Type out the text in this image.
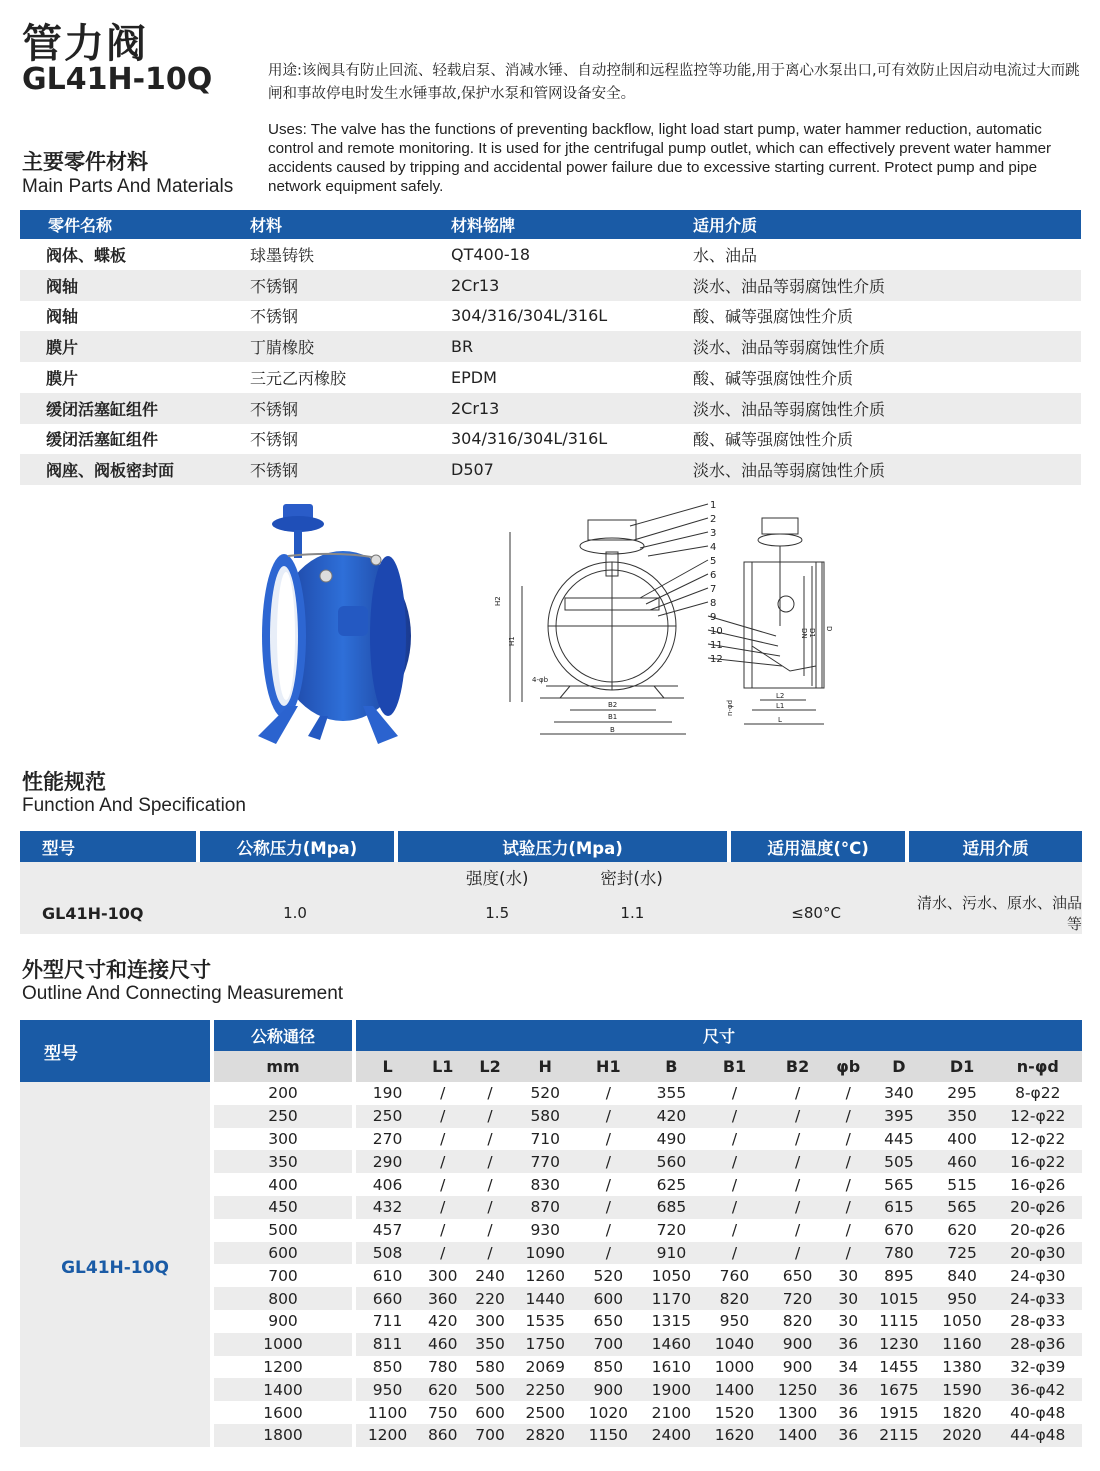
管力阀
GL41H-10Q	用途:该阀具有防止回流、轻载启泵、消减水锤、自动控制和远程监控等功能,用于离心水泵出口,可有效防止因启动电流过大而跳闸和事故停电时发生水锤事故,保护水泵和管网设备安全。
Uses: The valve has the functions of preventing backflow, light load start pump, water hammer reduction, automatic control and remote monitoring. It is used for jthe centrifugal pump outlet, which can effectively prevent water hammer accidents caused by tripping and accidental power failure due to excessive starting current. Protect pump and pipe network equipment safely.
主要零件材料
Main Parts And Materials
零件名称	材料	材料铭牌	适用介质
阀体、蝶板	球墨铸铁	QT400-18	水、油品
阀轴	不锈钢	2Cr13	淡水、油品等弱腐蚀性介质
阀轴	不锈钢	304/316/304L/316L	酸、碱等强腐蚀性介质
膜片	丁腈橡胶	BR	淡水、油品等弱腐蚀性介质
膜片	三元乙丙橡胶	EPDM	酸、碱等强腐蚀性介质
缓闭活塞缸组件	不锈钢	2Cr13	淡水、油品等弱腐蚀性介质
缓闭活塞缸组件	不锈钢	304/316/304L/316L	酸、碱等强腐蚀性介质
阀座、阀板密封面	不锈钢	D507	淡水、油品等弱腐蚀性介质
1
2
3
4
5
6
7
8
9
10
11
12
H2
H1
B2
B1
B
4-φb
DN D1 D
L2
L1
L
n-φd
性能规范
Function And Specification
型号	公称压力(Mpa)	试验压力(Mpa)		适用温度(°C)	适用介质
		强度(水)	密封(水)		
GL41H-10Q	1.0	1.5	1.1	≤80°C	清水、污水、原水、油品等
外型尺寸和连接尺寸
Outline And Connecting Measurement
型号	公称通径	尺寸											
	mm	L	L1	L2	H	H1	B	B1	B2	φb	D	D1	n-φd
GL41H-10Q	200	190	/	/	520	/	355	/	/	/	340	295	8-φ22
	250	250	/	/	580	/	420	/	/	/	395	350	12-φ22
	300	270	/	/	710	/	490	/	/	/	445	400	12-φ22
	350	290	/	/	770	/	560	/	/	/	505	460	16-φ22
	400	406	/	/	830	/	625	/	/	/	565	515	16-φ26
	450	432	/	/	870	/	685	/	/	/	615	565	20-φ26
	500	457	/	/	930	/	720	/	/	/	670	620	20-φ26
	600	508	/	/	1090	/	910	/	/	/	780	725	20-φ30
	700	610	300	240	1260	520	1050	760	650	30	895	840	24-φ30
	800	660	360	220	1440	600	1170	820	720	30	1015	950	24-φ33
	900	711	420	300	1535	650	1315	950	820	30	1115	1050	28-φ33
	1000	811	460	350	1750	700	1460	1040	900	36	1230	1160	28-φ36
	1200	850	780	580	2069	850	1610	1000	900	34	1455	1380	32-φ39
	1400	950	620	500	2250	900	1900	1400	1250	36	1675	1590	36-φ42
	1600	1100	750	600	2500	1020	2100	1520	1300	36	1915	1820	40-φ48
	1800	1200	860	700	2820	1150	2400	1620	1400	36	2115	2020	44-φ48
